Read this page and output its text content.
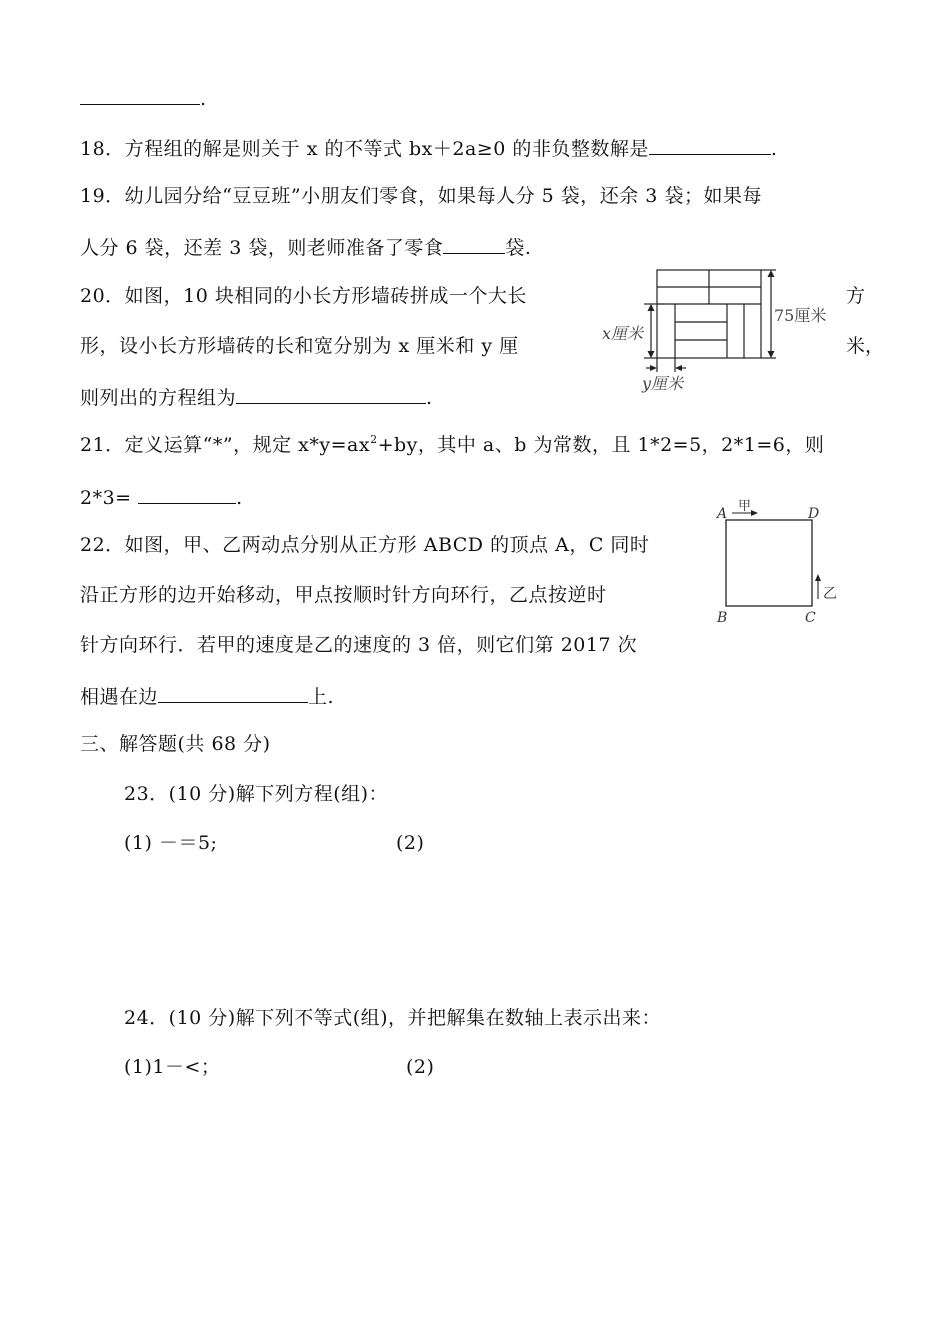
.
18．方程组的解是则关于 x 的不等式 bx＋2a≥0 的非负整数解是	.
19．幼儿园分给“豆豆班”小朋友们零食，如果每人分 5 袋，还余 3 袋；如果每
人分 6 袋，还差 3 袋，则老师准备了零食	袋.
20．如图，10 块相同的小长方形墙砖拼成一个大长	方
形，设小长方形墙砖的长和宽分别为 x 厘米和 y 厘	米，
则列出的方程组为	.
75厘米
x厘米
y厘米
21．定义运算“*”，规定 $x*y=ax^2+by$，其中 a、b 为常数，且 1*2=5，2*1=6，则
2*3=	.
22．如图，甲、乙两动点分别从正方形 ABCD 的顶点 A，C 同时
沿正方形的边开始移动，甲点按顺时针方向环行，乙点按逆时
针方向环行．若甲的速度是乙的速度的 3 倍，则它们第 2017 次
相遇在边	上.
A	D
B	C
甲
乙
三、解答题(共 68 分)
23．(10 分)解下列方程(组)：
(1) －＝5;	(2)
24．(10 分)解下列不等式(组)，并把解集在数轴上表示出来：
(1)1－<；	(2)
